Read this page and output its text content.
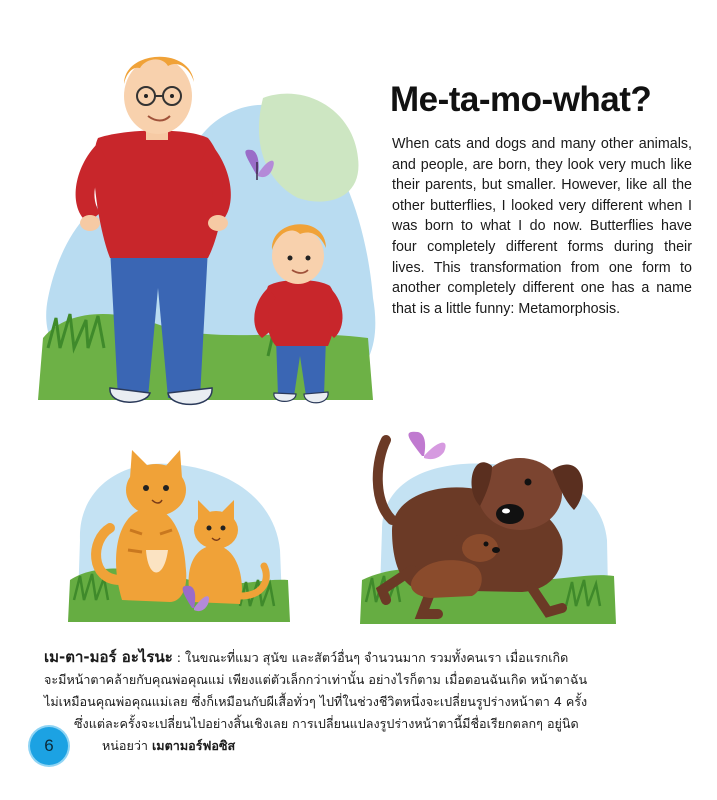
Me-ta-mo-what?
When cats and dogs and many other animals, and people, are born, they look very much like their parents, but smaller. However, like all the other butterflies, I looked very different when I was born to what I do now. Butterflies have four completely different forms during their lives. This transformation from one form to another completely different one has a name that is a little funny: Metamorphosis.
เม-ตา-มอร์ อะไรนะ : ในขณะที่แมว สุนัข และสัตว์อื่นๆ จำนวนมาก รวมทั้งคนเรา เมื่อแรกเกิด
จะมีหน้าตาคล้ายกับคุณพ่อคุณแม่ เพียงแต่ตัวเล็กกว่าเท่านั้น อย่างไรก็ตาม เมื่อตอนฉันเกิด หน้าตาฉัน
ไม่เหมือนคุณพ่อคุณแม่เลย ซึ่งก็เหมือนกับผีเสื้อทั่วๆ ไปที่ในช่วงชีวิตหนึ่งจะเปลี่ยนรูปร่างหน้าตา 4 ครั้ง
ซึ่งแต่ละครั้งจะเปลี่ยนไปอย่างสิ้นเชิงเลย การเปลี่ยนแปลงรูปร่างหน้าตานี้มีชื่อเรียกตลกๆ อยู่นิด
หน่อยว่า เมตามอร์ฟอซิส
6
